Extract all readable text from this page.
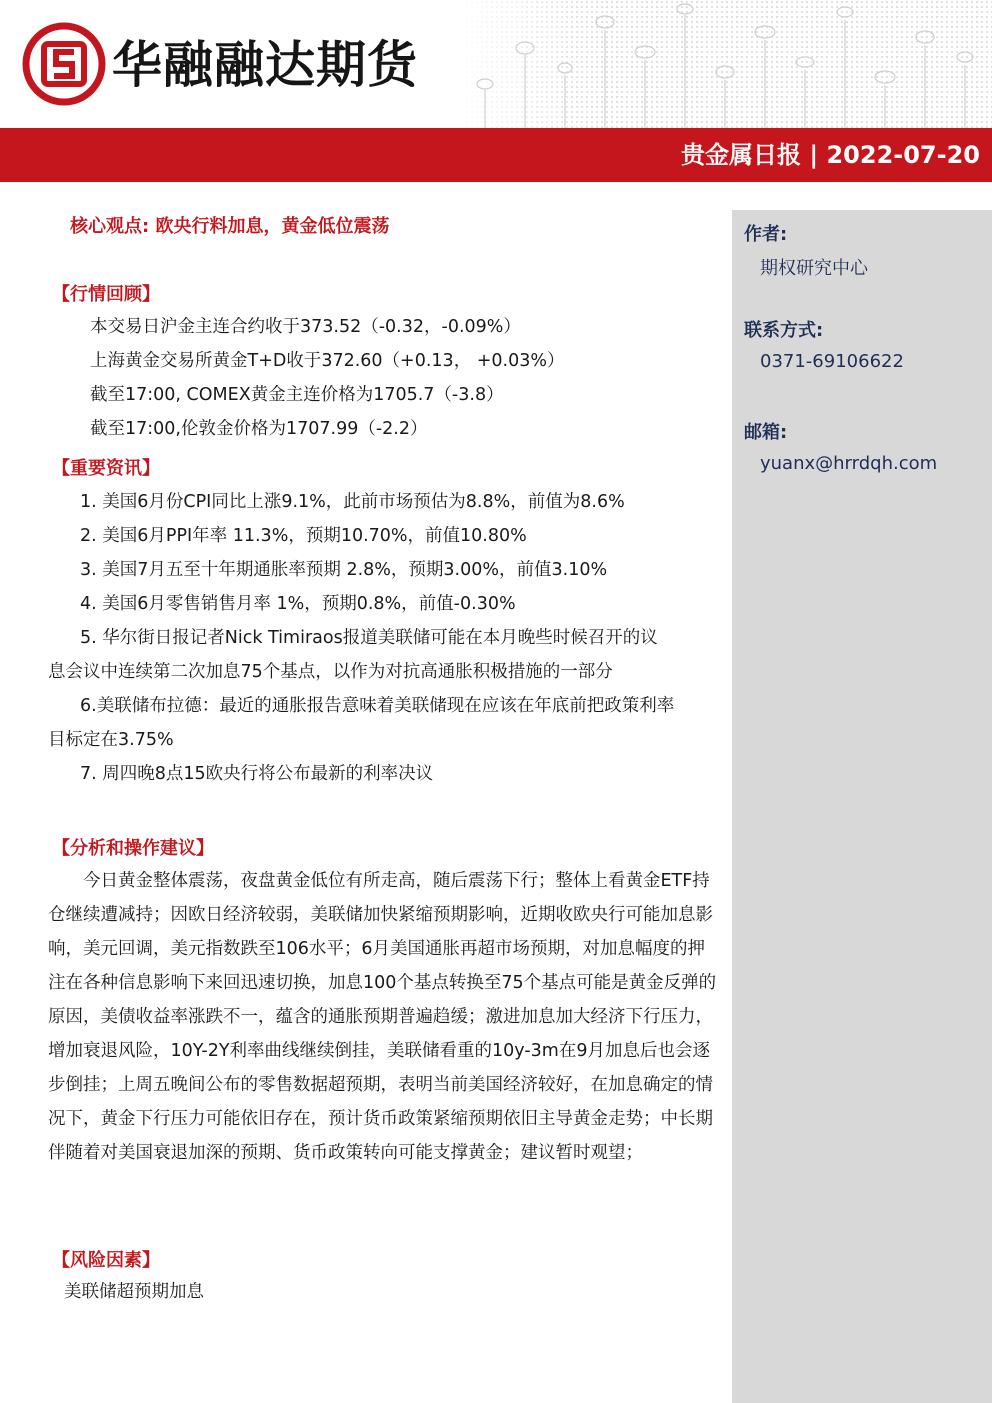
华融融达期货
贵金属日报 | 2022-07-20
作者:
期权研究中心
联系方式:
0371-69106622
邮箱:
yuanx@hrrdqh.com
核心观点: 欧央行料加息，黄金低位震荡
【行情回顾】
本交易日沪金主连合约收于373.52（-0.32，-0.09%）
上海黄金交易所黄金T+D收于372.60（+0.13， +0.03%）
截至17:00, COMEX黄金主连价格为1705.7（-3.8）
截至17:00,伦敦金价格为1707.99（-2.2）
【重要资讯】
1. 美国6月份CPI同比上涨9.1%，此前市场预估为8.8%，前值为8.6%
2. 美国6月PPI年率 11.3%，预期10.70%，前值10.80%
3. 美国7月五至十年期通胀率预期 2.8%，预期3.00%，前值3.10%
4. 美国6月零售销售月率 1%，预期0.8%，前值-0.30%
5. 华尔街日报记者Nick Timiraos报道美联储可能在本月晚些时候召开的议
息会议中连续第二次加息75个基点，以作为对抗高通胀积极措施的一部分
6.美联储布拉德：最近的通胀报告意味着美联储现在应该在年底前把政策利率
目标定在3.75%
7. 周四晚8点15欧央行将公布最新的利率决议
【分析和操作建议】

今日黄金整体震荡，夜盘黄金低位有所走高，随后震荡下行；整体上看黄金ETF持仓继续遭减持；因欧日经济较弱，美联储加快紧缩预期影响，近期收欧央行可能加息影响，美元回调，美元指数跌至106水平；6月美国通胀再超市场预期，对加息幅度的押注在各种信息影响下来回迅速切换，加息100个基点转换至75个基点可能是黄金反弹的原因，美债收益率涨跌不一，蕴含的通胀预期普遍趋缓；激进加息加大经济下行压力，增加衰退风险，10Y-2Y利率曲线继续倒挂，美联储看重的10y-3m在9月加息后也会逐步倒挂；上周五晚间公布的零售数据超预期，表明当前美国经济较好，在加息确定的情况下，黄金下行压力可能依旧存在，预计货币政策紧缩预期依旧主导黄金走势；中长期伴随着对美国衰退加深的预期、货币政策转向可能支撑黄金；建议暂时观望；

【风险因素】
美联储超预期加息
